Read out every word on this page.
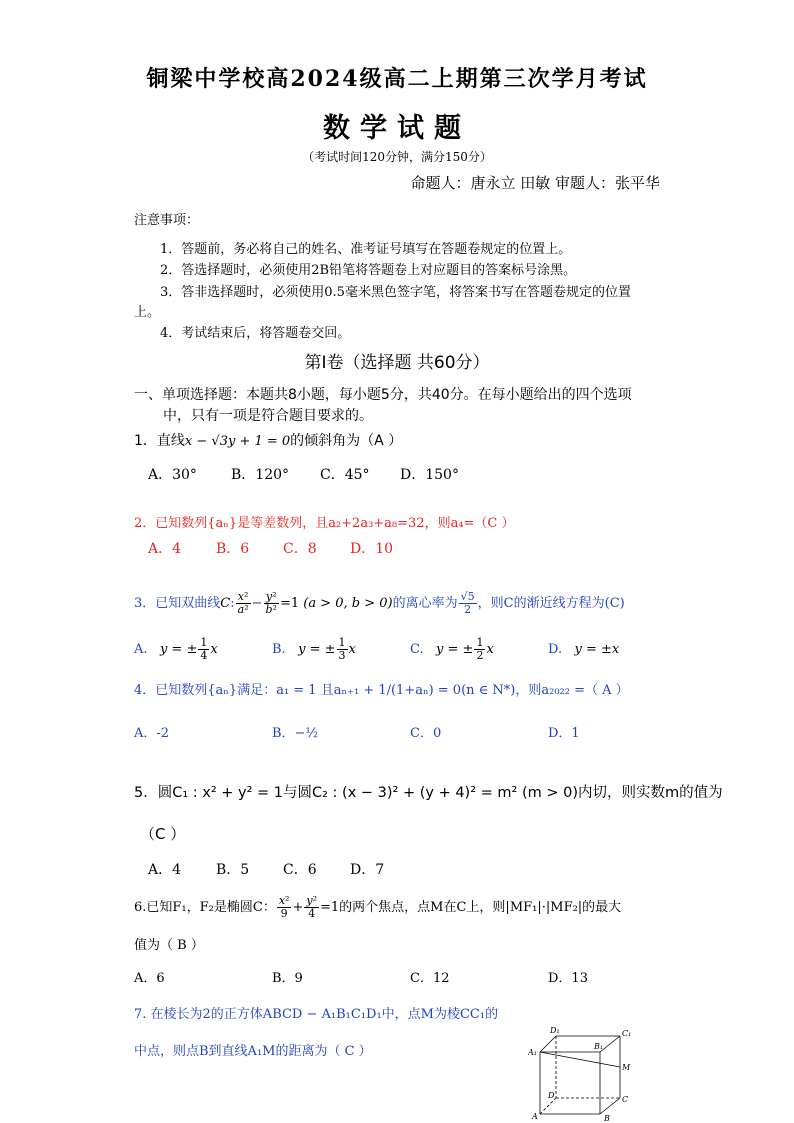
铜梁中学校高2024级高二上期第三次学月考试
数学试题
（考试时间120分钟，满分150分）
命题人：唐永立 田敏 审题人：张平华
注意事项：
1．答题前，务必将自己的姓名、准考证号填写在答题卷规定的位置上。
2．答选择题时，必须使用2B铅笔将答题卷上对应题目的答案标号涂黑。
3．答非选择题时，必须使用0.5毫米黑色签字笔，将答案书写在答题卷规定的位置
上。
4．考试结束后，将答题卷交回。
第Ⅰ卷（选择题 共60分）
一、单项选择题：本题共8小题，每小题5分，共40分。在每小题给出的四个选项
中，只有一项是符合题目要求的。
1．直线x − √3y + 1 = 0的倾斜角为（A ）
A．30° B．120° C．45° D．150°
2．已知数列{aₙ}是等差数列，且a₂+2a₃+a₈=32，则a₄=（C ）
A．4 B．6 C．8 D．10
3．已知双曲线C: $\frac{\text{x²}}{\text{a²}} - \frac{\text{y²}}{\text{b²}} =1$ (a > 0, b > 0)的离心率为 $\frac{√5}{2}$ ，则C的渐近线方程为(C)
A. y = ± $\frac{1}{4}$ x	B. y = ± $\frac{1}{3}$ x	C. y = ± $\frac{1}{2}$ x	D. y = ±x
4．已知数列{aₙ}满足：a₁ = 1 且aₙ₊₁ + 1/(1+aₙ) = 0(n ∈ N*)，则a₂₀₂₂ =（ A ）
A．-2	B．−½	C．0	D．1
5．圆C₁ : x² + y² = 1与圆C₂ : (x − 3)² + (y + 4)² = m² (m > 0)内切，则实数m的值为
（C ）
A．4 B．5 C．6 D．7
6.已知F₁，F₂是椭圆C： $\frac{\text{x²}}{9} + \frac{\text{y²}}{4} =1$的两个焦点，点M在C上，则|MF₁|·|MF₂|的最大
值为（ B ）
A．6	B．9	C．12	D．13
7. 在棱长为2的正方体ABCD − A₁B₁C₁D₁中，点M为棱CC₁的
中点，则点B到直线A₁M的距离为（ C ）
D₁	C₁
A₁
B₁
M
D	C
A	B
